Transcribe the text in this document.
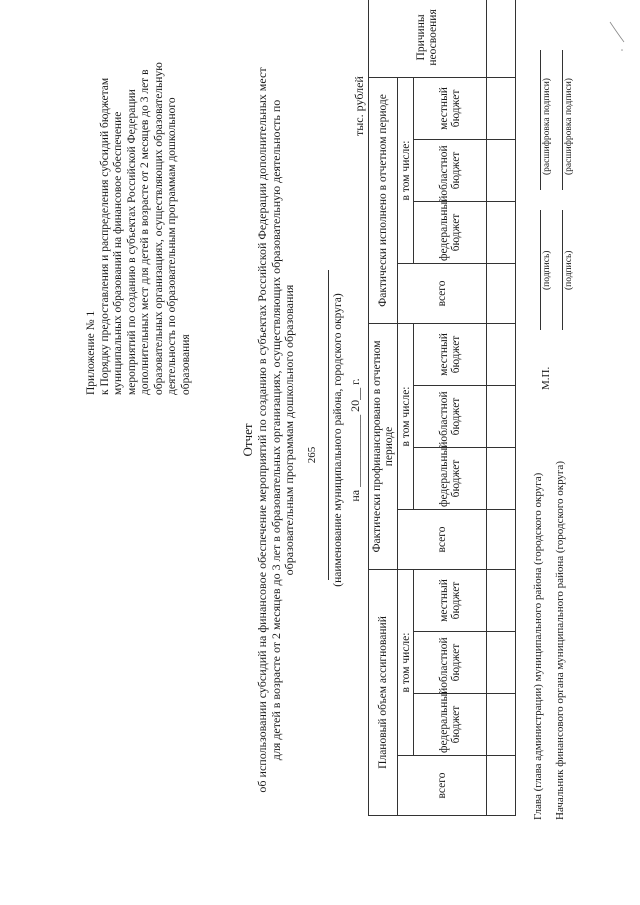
265
Приложение № 1 к Порядку предоставления и распределения субсидий бюджетам муниципальных образований на финансовое обеспечение мероприятий по созданию в субъектах Российской Федерации дополнительных мест для детей в возрасте от 2 месяцев до 3 лет в образовательных организациях, осуществляющих образовательную деятельность по образовательным программам дошкольного образования
Отчет об использовании субсидий на финансовое обеспечение мероприятий по созданию в субъектах Российской Федерации дополнительных мест для детей в возрасте от 2 месяцев до 3 лет в образовательных организациях, осуществляющих образовательную деятельность по образовательным программам дошкольного образования	(наименование муниципального района, городского округа) на ____________ 20__ г.
тыс. рублей
Плановый объем ассигнований				Фактически профинансировано в отчетном периоде				Фактически исполнено в отчетном периоде				Причины неосвоения
всего	в том числе:			всего	в том числе:			всего	в том числе:			
	федеральный бюджет	областной бюджет	местный бюджет		федеральный бюджет	областной бюджет	местный бюджет		федеральный бюджет	областной бюджет	местный бюджет	

Глава (глава администрации) муниципального района (городского округа) Начальник финансового органа муниципального района (городского округа)
М.П.
(подпись)
(расшифровка подписи)
(подпись)
(расшифровка подписи)
